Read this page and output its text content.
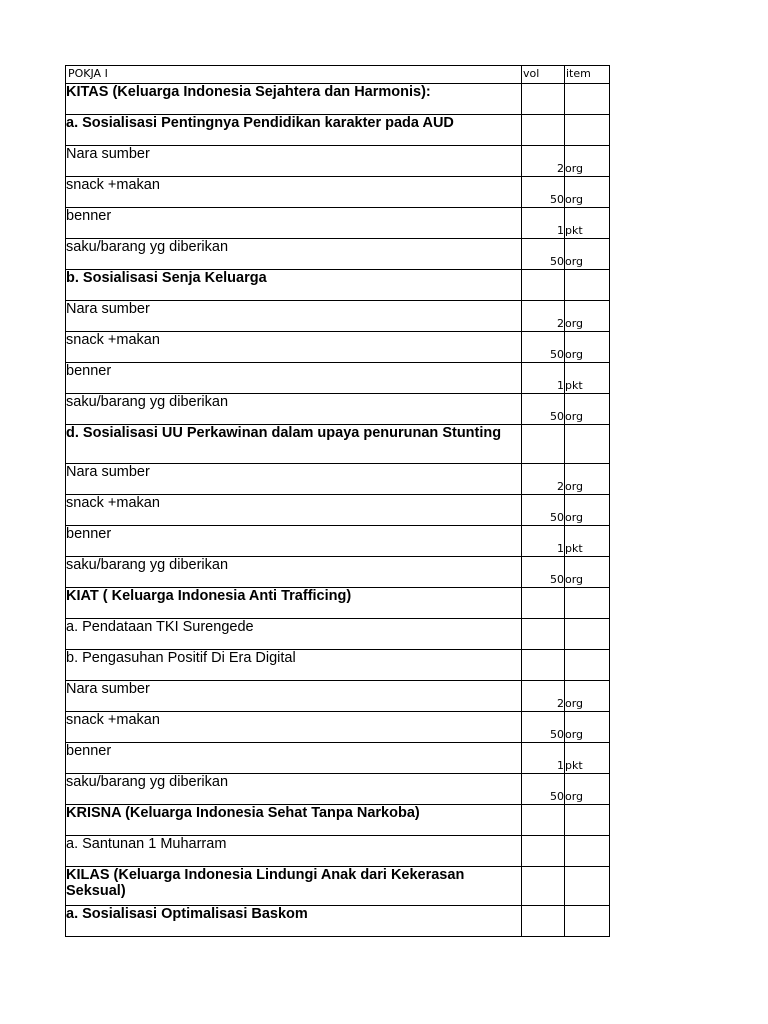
POKJA I	vol	item
KITAS (Keluarga Indonesia Sejahtera dan Harmonis):		
a. Sosialisasi Pentingnya Pendidikan karakter pada AUD		
Nara sumber	2	org
snack +makan	50	org
benner	1	pkt
saku/barang yg diberikan	50	org
b. Sosialisasi Senja Keluarga		
Nara sumber	2	org
snack +makan	50	org
benner	1	pkt
saku/barang yg diberikan	50	org
d. Sosialisasi UU Perkawinan dalam upaya penurunan Stunting		
Nara sumber	2	org
snack +makan	50	org
benner	1	pkt
saku/barang yg diberikan	50	org
KIAT ( Keluarga Indonesia Anti Trafficing)		
a. Pendataan TKI Surengede		
b. Pengasuhan Positif Di Era Digital		
Nara sumber	2	org
snack +makan	50	org
benner	1	pkt
saku/barang yg diberikan	50	org
KRISNA (Keluarga Indonesia Sehat Tanpa Narkoba)		
a. Santunan 1 Muharram		
KILAS (Keluarga Indonesia Lindungi Anak dari Kekerasan Seksual)		
a. Sosialisasi Optimalisasi Baskom		
